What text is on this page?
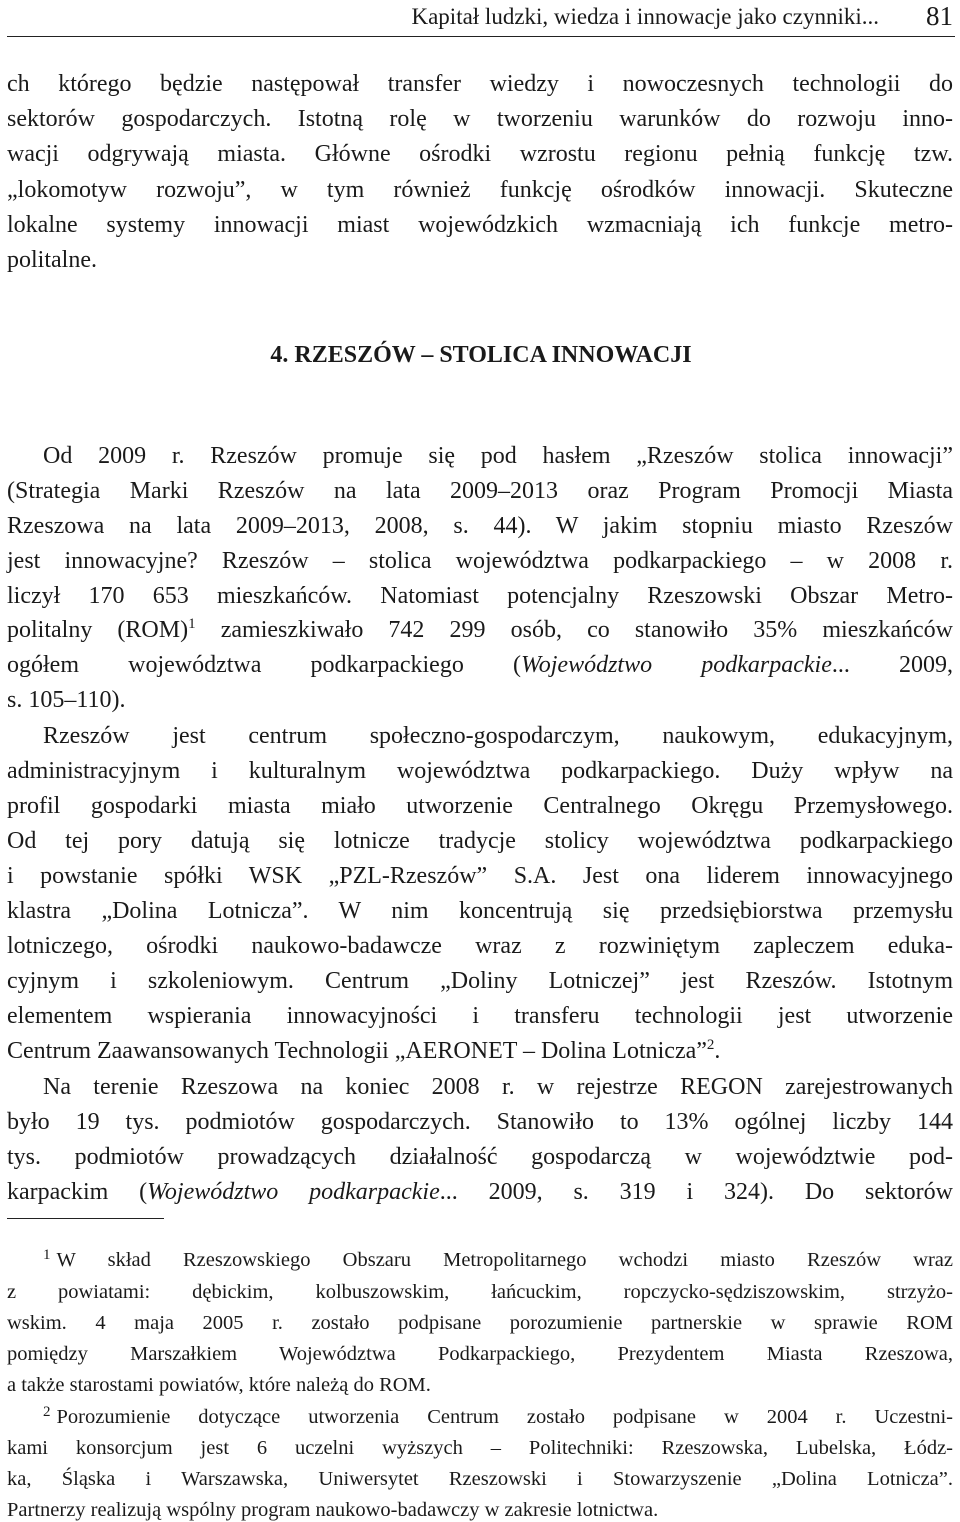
Kapitał ludzki, wiedza i innowacje jako czynniki... 81
ch którego będzie następował transfer wiedzy i nowoczesnych technologii do
sektorów gospodarczych. Istotną rolę w tworzeniu warunków do rozwoju inno-
wacji odgrywają miasta. Główne ośrodki wzrostu regionu pełnią funkcję tzw.
„lokomotyw rozwoju”, w tym również funkcję ośrodków innowacji. Skuteczne
lokalne systemy innowacji miast wojewódzkich wzmacniają ich funkcje metro-
politalne.
4. RZESZÓW – STOLICA INNOWACJI
Od 2009 r. Rzeszów promuje się pod hasłem „Rzeszów stolica innowacji”
(Strategia Marki Rzeszów na lata 2009–2013 oraz Program Promocji Miasta
Rzeszowa na lata 2009–2013, 2008, s. 44). W jakim stopniu miasto Rzeszów
jest innowacyjne? Rzeszów – stolica województwa podkarpackiego – w 2008 r.
liczył 170 653 mieszkańców. Natomiast potencjalny Rzeszowski Obszar Metro-
politalny (ROM)$^1$ zamieszkiwało 742 299 osób, co stanowiło 35% mieszkańców
ogółem województwa podkarpackiego (Województwo podkarpackie... 2009,
s. 105–110).
Rzeszów jest centrum społeczno-gospodarczym, naukowym, edukacyjnym,
administracyjnym i kulturalnym województwa podkarpackiego. Duży wpływ na
profil gospodarki miasta miało utworzenie Centralnego Okręgu Przemysłowego.
Od tej pory datują się lotnicze tradycje stolicy województwa podkarpackiego
i powstanie spółki WSK „PZL-Rzeszów” S.A. Jest ona liderem innowacyjnego
klastra „Dolina Lotnicza”. W nim koncentrują się przedsiębiorstwa przemysłu
lotniczego, ośrodki naukowo-badawcze wraz z rozwiniętym zapleczem eduka-
cyjnym i szkoleniowym. Centrum „Doliny Lotniczej” jest Rzeszów. Istotnym
elementem wspierania innowacyjności i transferu technologii jest utworzenie
Centrum Zaawansowanych Technologii „AERONET – Dolina Lotnicza”$^2$.
Na terenie Rzeszowa na koniec 2008 r. w rejestrze REGON zarejestrowanych
było 19 tys. podmiotów gospodarczych. Stanowiło to 13% ogólnej liczby 144
tys. podmiotów prowadzących działalność gospodarczą w województwie pod-
karpackim (Województwo podkarpackie... 2009, s. 319 i 324). Do sektorów
$^1$ W skład Rzeszowskiego Obszaru Metropolitarnego wchodzi miasto Rzeszów wraz
z powiatami: dębickim, kolbuszowskim, łańcuckim, ropczycko-sędziszowskim, strzyżo-
wskim. 4 maja 2005 r. zostało podpisane porozumienie partnerskie w sprawie ROM
pomiędzy Marszałkiem Województwa Podkarpackiego, Prezydentem Miasta Rzeszowa,
a także starostami powiatów, które należą do ROM.
$^2$ Porozumienie dotyczące utworzenia Centrum zostało podpisane w 2004 r. Uczestni-
kami konsorcjum jest 6 uczelni wyższych – Politechniki: Rzeszowska, Lubelska, Łódz-
ka, Śląska i Warszawska, Uniwersytet Rzeszowski i Stowarzyszenie „Dolina Lotnicza”.
Partnerzy realizują wspólny program naukowo-badawczy w zakresie lotnictwa.
